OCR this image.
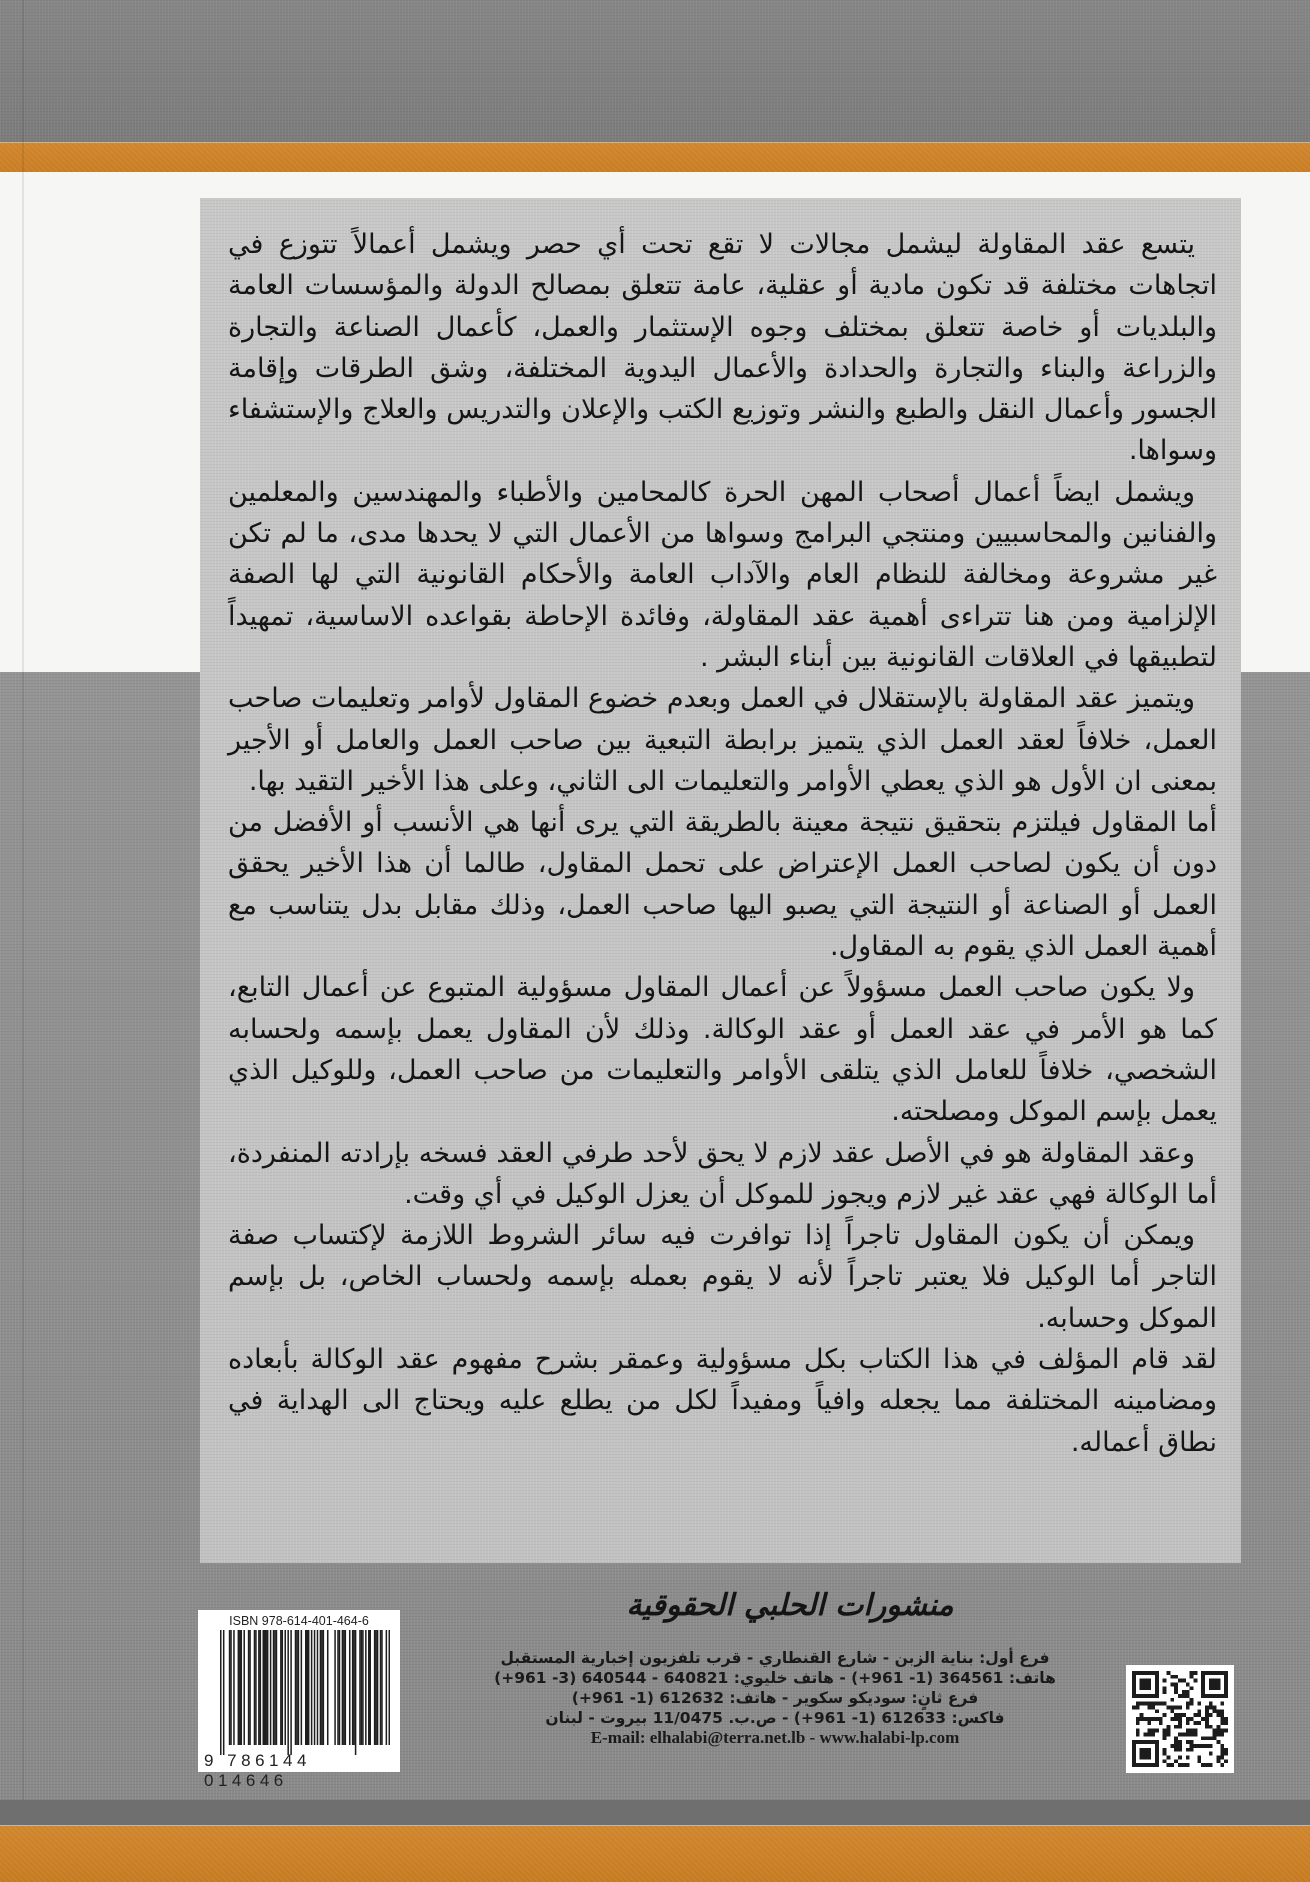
يتسع عقد المقاولة ليشمل مجالات لا تقع تحت أي حصر ويشمل أعمالاً تتوزع في اتجاهات مختلفة قد تكون مادية أو عقلية، عامة تتعلق بمصالح الدولة والمؤسسات العامة والبلديات أو خاصة تتعلق بمختلف وجوه الإستثمار والعمل، كأعمال الصناعة والتجارة والزراعة والبناء والتجارة والحدادة والأعمال اليدوية المختلفة، وشق الطرقات وإقامة الجسور وأعمال النقل والطبع والنشر وتوزيع الكتب والإعلان والتدريس والعلاج والإستشفاء وسواها.

ويشمل ايضاً أعمال أصحاب المهن الحرة كالمحامين والأطباء والمهندسين والمعلمين والفنانين والمحاسبيين ومنتجي البرامج وسواها من الأعمال التي لا يحدها مدى، ما لم تكن غير مشروعة ومخالفة للنظام العام والآداب العامة والأحكام القانونية التي لها الصفة الإلزامية ومن هنا تتراءى أهمية عقد المقاولة، وفائدة الإحاطة بقواعده الاساسية، تمهيداً لتطبيقها في العلاقات القانونية بين أبناء البشر .

ويتميز عقد المقاولة بالإستقلال في العمل وبعدم خضوع المقاول لأوامر وتعليمات صاحب العمل، خلافاً لعقد العمل الذي يتميز برابطة التبعية بين صاحب العمل والعامل أو الأجير بمعنى ان الأول هو الذي يعطي الأوامر والتعليمات الى الثاني، وعلى هذا الأخير التقيد بها.

أما المقاول فيلتزم بتحقيق نتيجة معينة بالطريقة التي يرى أنها هي الأنسب أو الأفضل من دون أن يكون لصاحب العمل الإعتراض على تحمل المقاول، طالما أن هذا الأخير يحقق العمل أو الصناعة أو النتيجة التي يصبو اليها صاحب العمل، وذلك مقابل بدل يتناسب مع أهمية العمل الذي يقوم به المقاول.

ولا يكون صاحب العمل مسؤولاً عن أعمال المقاول مسؤولية المتبوع عن أعمال التابع، كما هو الأمر في عقد العمل أو عقد الوكالة. وذلك لأن المقاول يعمل بإسمه ولحسابه الشخصي، خلافاً للعامل الذي يتلقى الأوامر والتعليمات من صاحب العمل، وللوكيل الذي يعمل بإسم الموكل ومصلحته.

وعقد المقاولة هو في الأصل عقد لازم لا يحق لأحد طرفي العقد فسخه بإرادته المنفردة، أما الوكالة فهي عقد غير لازم ويجوز للموكل أن يعزل الوكيل في أي وقت.

ويمكن أن يكون المقاول تاجراً إذا توافرت فيه سائر الشروط اللازمة لإكتساب صفة التاجر أما الوكيل فلا يعتبر تاجراً لأنه لا يقوم بعمله بإسمه ولحساب الخاص، بل بإسم الموكل وحسابه.

لقد قام المؤلف في هذا الكتاب بكل مسؤولية وعمقر بشرح مفهوم عقد الوكالة بأبعاده ومضامينه المختلفة مما يجعله وافياً ومفيداً لكل من يطلع عليه ويحتاج الى الهداية في نطاق أعماله.

منشورات الحلبي الحقوقية
فرع أول: بناية الزبن - شارع القنطاري - قرب تلفزيون إخبارية المستقبل
هاتف: 364561 (1- 961+) - هاتف خليوي: 640821 - 640544 (3- 961+)
فرع ثانٍ: سوديكو سكوير - هاتف: 612632 (1- 961+)
فاكس: 612633 (1- 961+) - ص.ب. 11/0475 بيروت - لبنان
E-mail: elhalabi@terra.net.lb - www.halabi-lp.com
ISBN 978-614-401-464-6
9 786144 014646
